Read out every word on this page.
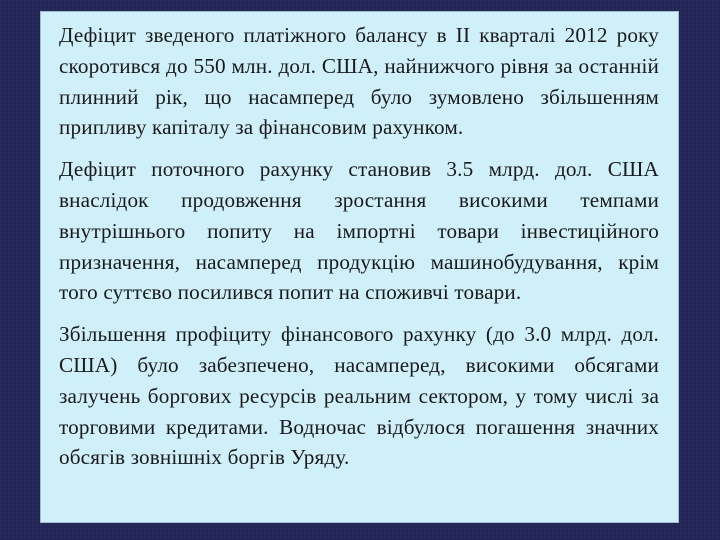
Дефіцит зведеного платіжного балансу в ІІ кварталі 2012 року скоротився до 550 млн. дол. США, найнижчого рівня за останній плинний рік, що насамперед було зумовлено збільшенням припливу капіталу за фінансовим рахунком.

Дефіцит поточного рахунку становив 3.5 млрд. дол. США внаслідок продовження зростання високими темпами внутрішнього попиту на імпортні товари інвестиційного призначення, насамперед продукцію машинобудування, крім того суттєво посилився попит на споживчі товари.

Збільшення профіциту фінансового рахунку (до 3.0 млрд. дол. США) було забезпечено, насамперед, високими обсягами залучень боргових ресурсів реальним сектором, у тому числі за торговими кредитами. Водночас відбулося погашення значних обсягів зовнішніх боргів Уряду.
